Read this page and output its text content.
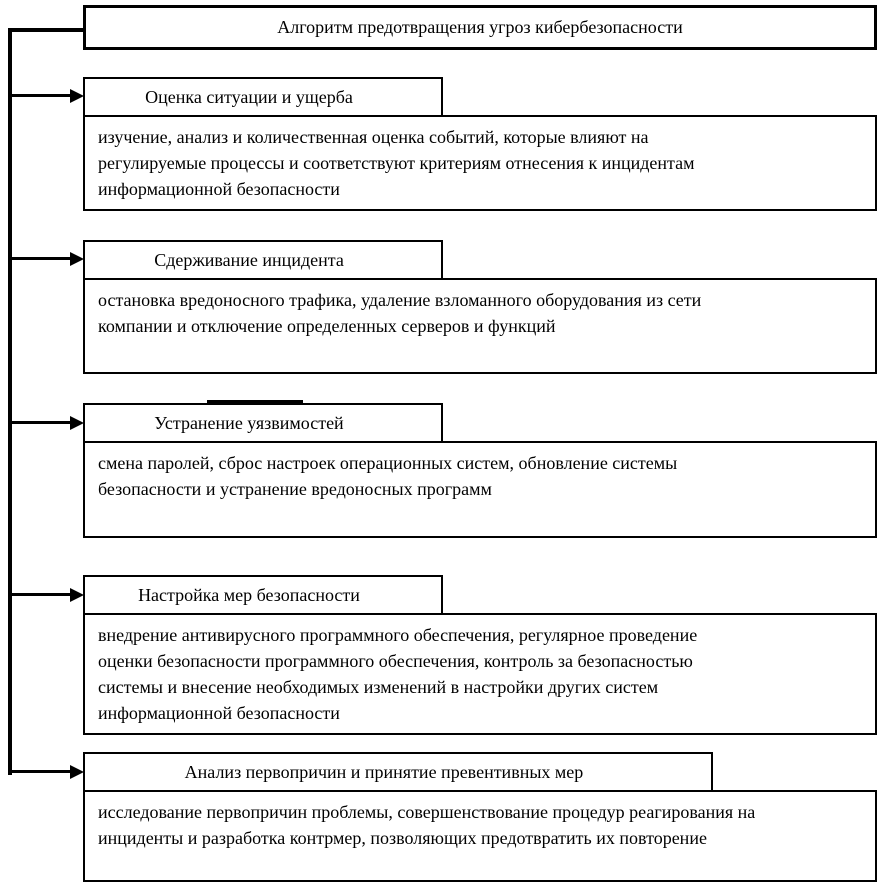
Алгоритм предотвращения угроз кибербезопасности
Оценка ситуации и ущерба
изучение, анализ и количественная оценка событий, которые влияют на регулируемые процессы и соответствуют критериям отнесения к инцидентам информационной безопасности
Сдерживание инцидента
остановка вредоносного трафика, удаление взломанного оборудования из сети компании и отключение определенных серверов и функций
Устранение уязвимостей
смена паролей, сброс настроек операционных систем, обновление системы безопасности и устранение вредоносных программ
Настройка мер безопасности
внедрение антивирусного программного обеспечения, регулярное проведение оценки безопасности программного обеспечения, контроль за безопасностью системы и внесение необходимых изменений в настройки других систем информационной безопасности
Анализ первопричин и принятие превентивных мер
исследование первопричин проблемы, совершенствование процедур реагирования на инциденты и разработка контрмер, позволяющих предотвратить их повторение
